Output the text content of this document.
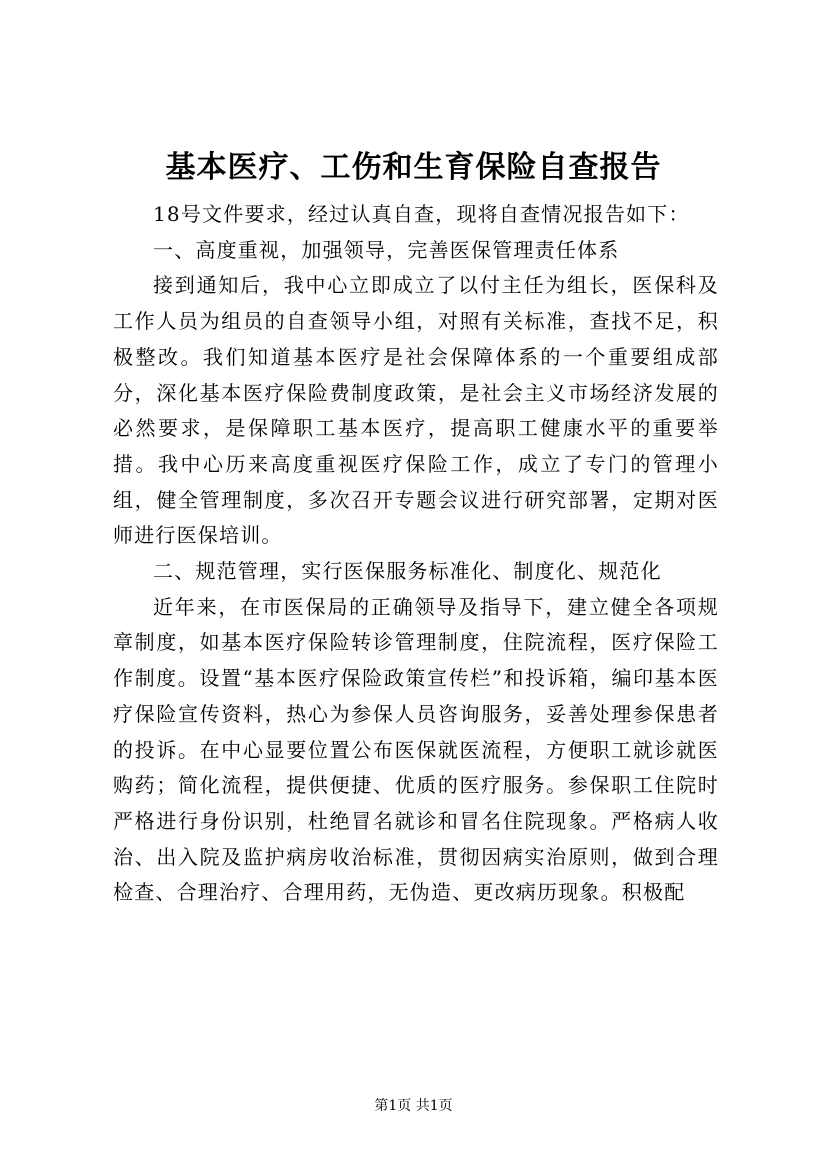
基本医疗、工伤和生育保险自查报告

18号文件要求，经过认真自查，现将自查情况报告如下：

一、高度重视，加强领导，完善医保管理责任体系

接到通知后，我中心立即成立了以付主任为组长，医保科及工作人员为组员的自查领导小组，对照有关标准，查找不足，积极整改。我们知道基本医疗是社会保障体系的一个重要组成部分，深化基本医疗保险费制度政策，是社会主义市场经济发展的必然要求，是保障职工基本医疗，提高职工健康水平的重要举措。我中心历来高度重视医疗保险工作，成立了专门的管理小组，健全管理制度，多次召开专题会议进行研究部署，定期对医师进行医保培训。

二、规范管理，实行医保服务标准化、制度化、规范化

近年来，在市医保局的正确领导及指导下，建立健全各项规章制度，如基本医疗保险转诊管理制度，住院流程，医疗保险工作制度。设置“基本医疗保险政策宣传栏”和投诉箱，编印基本医疗保险宣传资料，热心为参保人员咨询服务，妥善处理参保患者的投诉。在中心显要位置公布医保就医流程，方便职工就诊就医购药；简化流程，提供便捷、优质的医疗服务。参保职工住院时严格进行身份识别，杜绝冒名就诊和冒名住院现象。严格病人收治、出入院及监护病房收治标准，贯彻因病实治原则，做到合理检查、合理治疗、合理用药，无伪造、更改病历现象。积极配

第1页 共1页
